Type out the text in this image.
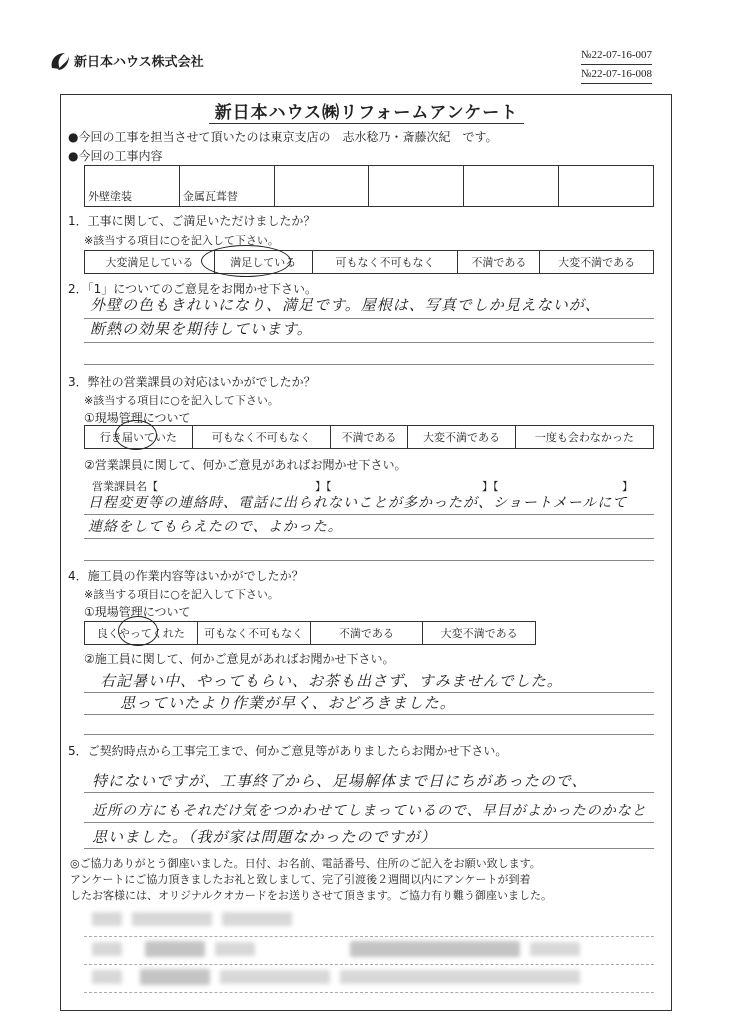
新日本ハウス株式会社	№22-07-16-007
№22-07-16-008
新日本ハウス㈱リフォームアンケート
●今回の工事を担当させて頂いたのは東京支店の　志水稔乃・斎藤次紀　です。
●今回の工事内容
外壁塗装	金属瓦葺替				
1．工事に関して、ご満足いただけましたか？
※該当する項目に○を記入して下さい。
大変満足している	満足している	可もなく不可もなく	不満である	大変不満である
2．「1」についてのご意見をお聞かせ下さい。
外壁の色もきれいになり、満足です。屋根は、写真でしか見えないが、
断熱の効果を期待しています。
3．弊社の営業課員の対応はいかがでしたか？
※該当する項目に○を記入して下さい。
①現場管理について
行き届いていた	可もなく不可もなく	不満である	大変不満である	一度も会わなかった
②営業課員に関して、何かご意見があればお聞かせ下さい。
営業課員名【	】【	】【	】
日程変更等の連絡時、電話に出られないことが多かったが、ショートメールにて
連絡をしてもらえたので、よかった。
4．施工員の作業内容等はいかがでしたか？
※該当する項目に○を記入して下さい。
①現場管理について
良くやってくれた	可もなく不可もなく	不満である	大変不満である
②施工員に関して、何かご意見があればお聞かせ下さい。
右記暑い中、やってもらい、お茶も出さず、すみませんでした。
思っていたより作業が早く、おどろきました。
5．ご契約時点から工事完工まで、何かご意見等がありましたらお聞かせ下さい。
特にないですが、工事終了から、足場解体まで日にちがあったので、
近所の方にもそれだけ気をつかわせてしまっているので、早目がよかったのかなと
思いました。（我が家は問題なかったのですが）
◎ご協力ありがとう御座いました。日付、お名前、電話番号、住所のご記入をお願い致します。
アンケートにご協力頂きましたお礼と致しまして、完了引渡後２週間以内にアンケートが到着
したお客様には、オリジナルクオカードをお送りさせて頂きます。ご協力有り難う御座いました。
